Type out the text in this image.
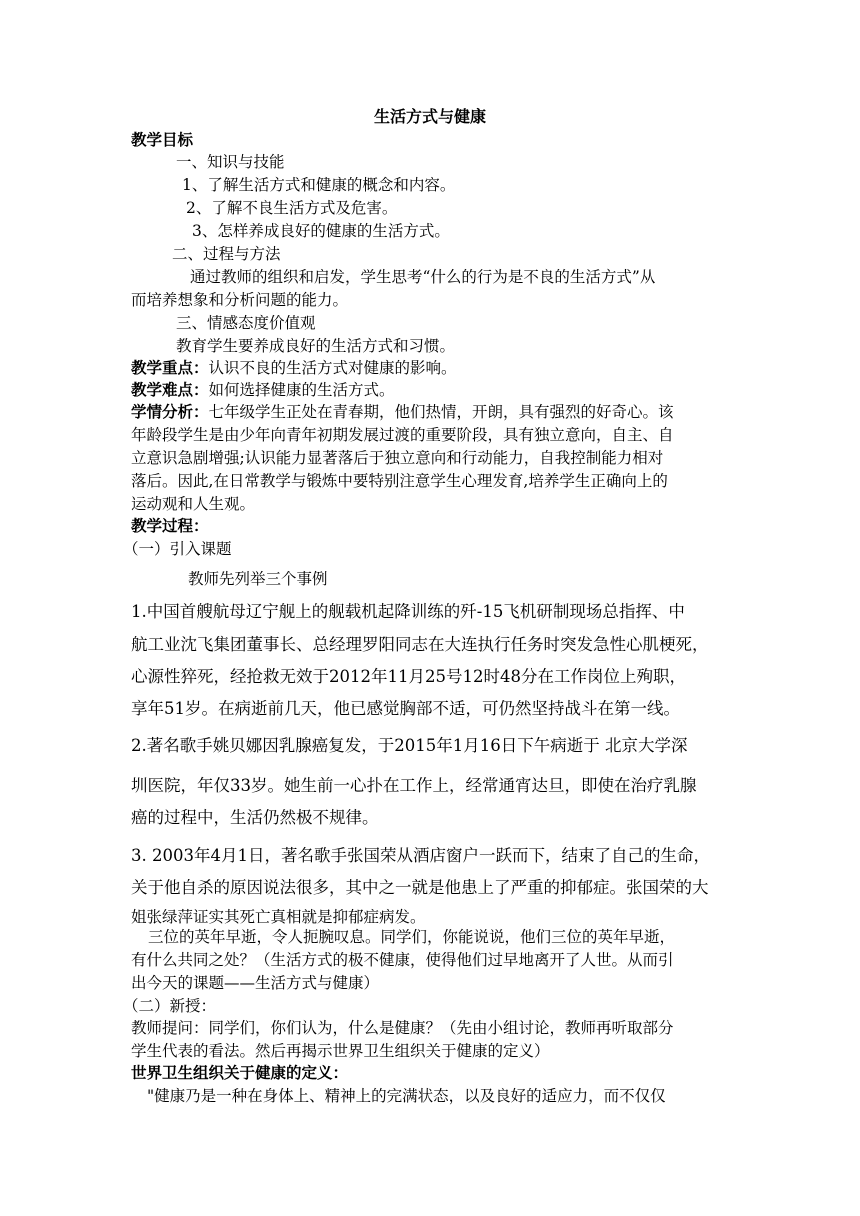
生活方式与健康
教学目标
一、知识与技能
1、了解生活方式和健康的概念和内容。
2、了解不良生活方式及危害。
3、怎样养成良好的健康的生活方式。
二、过程与方法
通过教师的组织和启发，学生思考“什么的行为是不良的生活方式”从
而培养想象和分析问题的能力。
三、情感态度价值观
教育学生要养成良好的生活方式和习惯。
教学重点：认识不良的生活方式对健康的影响。
教学难点：如何选择健康的生活方式。
学情分析：七年级学生正处在青春期，他们热情，开朗，具有强烈的好奇心。该
年龄段学生是由少年向青年初期发展过渡的重要阶段，具有独立意向，自主、自
立意识急剧增强;认识能力显著落后于独立意向和行动能力，自我控制能力相对
落后。因此,在日常教学与锻炼中要特别注意学生心理发育,培养学生正确向上的
运动观和人生观。
教学过程：
（一）引入课题
教师先列举三个事例
1.中国首艘航母辽宁舰上的舰载机起降训练的歼-15飞机研制现场总指挥、中
航工业沈飞集团董事长、总经理罗阳同志在大连执行任务时突发急性心肌梗死，
心源性猝死，经抢救无效于2012年11月25号12时48分在工作岗位上殉职，
享年51岁。在病逝前几天，他已感觉胸部不适，可仍然坚持战斗在第一线。
2.著名歌手姚贝娜因乳腺癌复发，于2015年1月16日下午病逝于 北京大学深
圳医院，年仅33岁。她生前一心扑在工作上，经常通宵达旦，即使在治疗乳腺
癌的过程中，生活仍然极不规律。
3. 2003年4月1日，著名歌手张国荣从酒店窗户一跃而下，结束了自己的生命，
关于他自杀的原因说法很多，其中之一就是他患上了严重的抑郁症。张国荣的大
姐张绿萍证实其死亡真相就是抑郁症病发。
三位的英年早逝，令人扼腕叹息。同学们，你能说说，他们三位的英年早逝，
有什么共同之处？（生活方式的极不健康，使得他们过早地离开了人世。从而引
出今天的课题——生活方式与健康）
（二）新授：
教师提问：同学们，你们认为，什么是健康？（先由小组讨论，教师再听取部分
学生代表的看法。然后再揭示世界卫生组织关于健康的定义）
世界卫生组织关于健康的定义：
"健康乃是一种在身体上、精神上的完满状态，以及良好的适应力，而不仅仅
